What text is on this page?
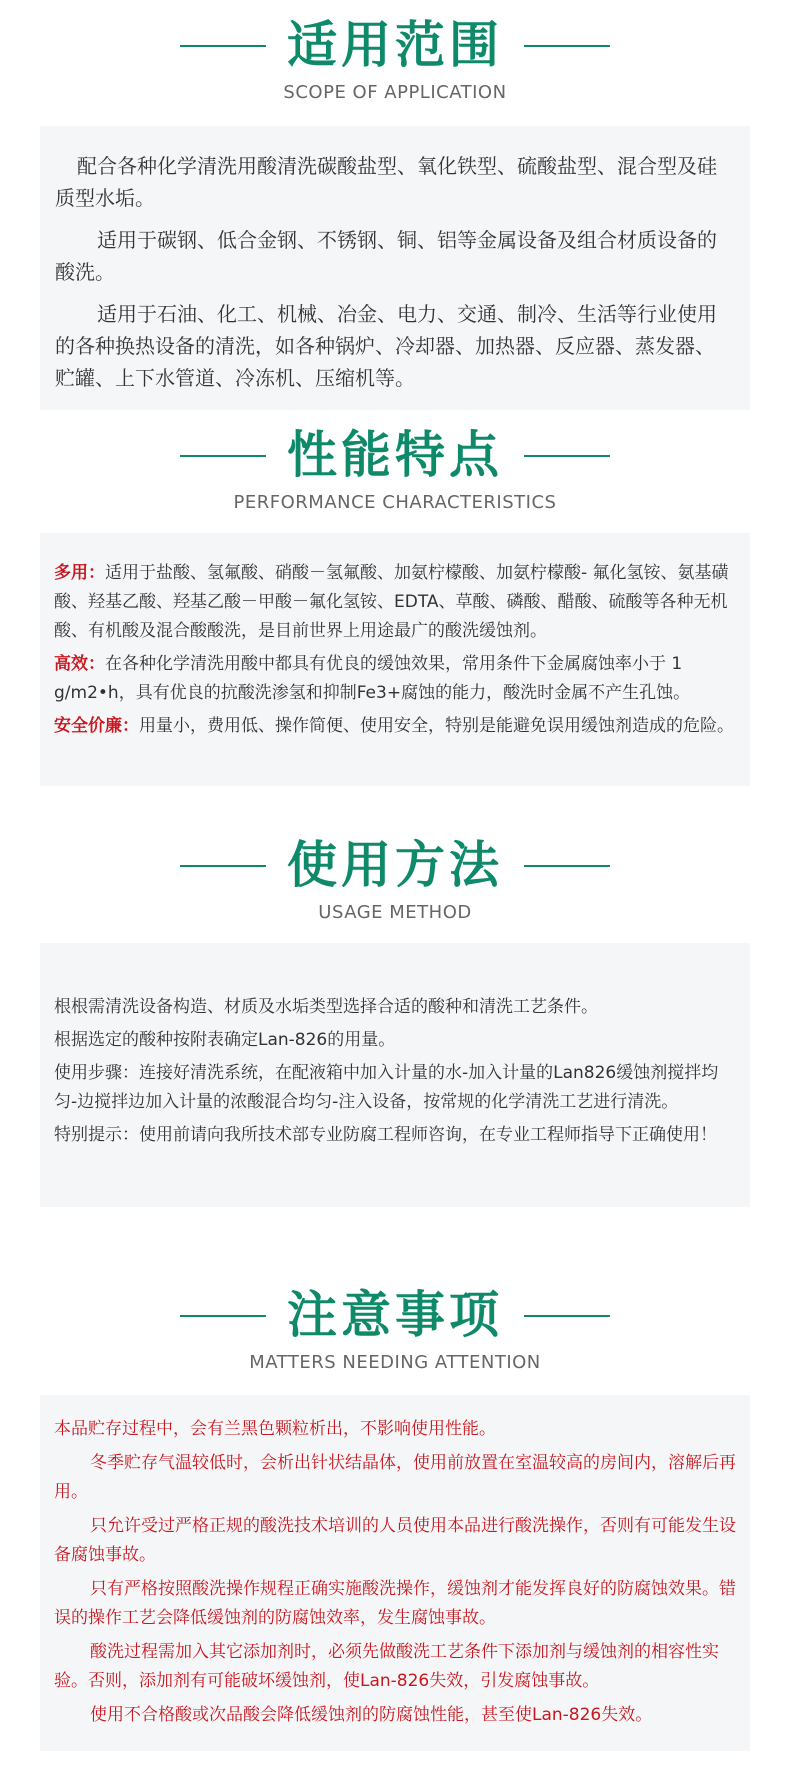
适用范围
SCOPE OF APPLICATION

配合各种化学清洗用酸清洗碳酸盐型、氧化铁型、硫酸盐型、混合型及硅质型水垢。

适用于碳钢、低合金钢、不锈钢、铜、铝等金属设备及组合材质设备的酸洗。

适用于石油、化工、机械、冶金、电力、交通、制冷、生活等行业使用的各种换热设备的清洗，如各种锅炉、冷却器、加热器、反应器、蒸发器、贮罐、上下水管道、冷冻机、压缩机等。

性能特点
PERFORMANCE CHARACTERISTICS

多用：适用于盐酸、氢氟酸、硝酸－氢氟酸、加氨柠檬酸、加氨柠檬酸- 氟化氢铵、氨基磺酸、羟基乙酸、羟基乙酸－甲酸－氟化氢铵、EDTA、草酸、磷酸、醋酸、硫酸等各种无机酸、有机酸及混合酸酸洗，是目前世界上用途最广的酸洗缓蚀剂。

高效：在各种化学清洗用酸中都具有优良的缓蚀效果，常用条件下金属腐蚀率小于 1 g/m2•h，具有优良的抗酸洗渗氢和抑制Fe3+腐蚀的能力，酸洗时金属不产生孔蚀。

安全价廉：用量小，费用低、操作简便、使用安全，特别是能避免误用缓蚀剂造成的危险。

使用方法
USAGE METHOD

根根需清洗设备构造、材质及水垢类型选择合适的酸种和清洗工艺条件。

根据选定的酸种按附表确定Lan-826的用量。

使用步骤：连接好清洗系统，在配液箱中加入计量的水-加入计量的Lan826缓蚀剂搅拌均匀-边搅拌边加入计量的浓酸混合均匀-注入设备，按常规的化学清洗工艺进行清洗。

特别提示：使用前请向我所技术部专业防腐工程师咨询，在专业工程师指导下正确使用！

注意事项
MATTERS NEEDING ATTENTION

本品贮存过程中，会有兰黑色颗粒析出，不影响使用性能。

冬季贮存气温较低时，会析出针状结晶体，使用前放置在室温较高的房间内，溶解后再用。

只允许受过严格正规的酸洗技术培训的人员使用本品进行酸洗操作，否则有可能发生设备腐蚀事故。

只有严格按照酸洗操作规程正确实施酸洗操作，缓蚀剂才能发挥良好的防腐蚀效果。错误的操作工艺会降低缓蚀剂的防腐蚀效率，发生腐蚀事故。

酸洗过程需加入其它添加剂时，必须先做酸洗工艺条件下添加剂与缓蚀剂的相容性实验。否则，添加剂有可能破坏缓蚀剂，使Lan-826失效，引发腐蚀事故。

使用不合格酸或次品酸会降低缓蚀剂的防腐蚀性能，甚至使Lan-826失效。
